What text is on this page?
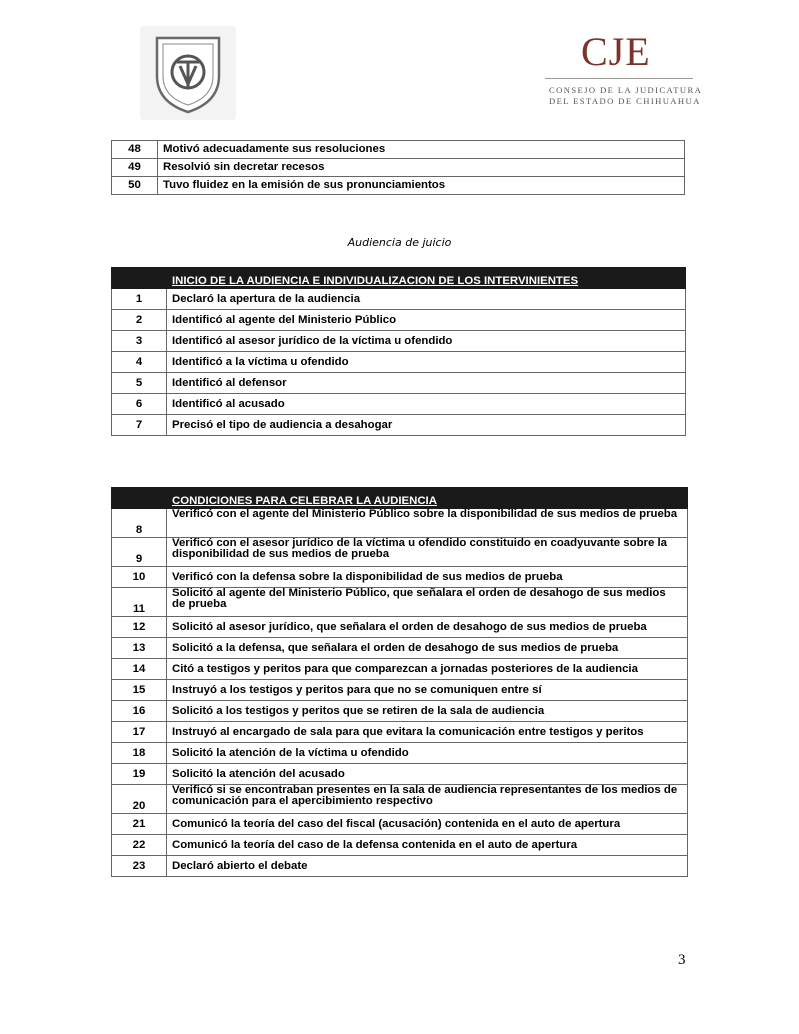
CJE
CONSEJO DE LA JUDICATURA
DEL ESTADO DE CHIHUAHUA
48	Motivó adecuadamente sus resoluciones
49	Resolvió sin decretar recesos
50	Tuvo fluidez en la emisión de sus pronunciamientos
Audiencia de juicio
	INICIO DE LA AUDIENCIA E INDIVIDUALIZACION DE LOS INTERVINIENTES
1	Declaró la apertura de la audiencia
2	Identificó al agente del Ministerio Público
3	Identificó al asesor jurídico de la víctima u ofendido
4	Identificó a la víctima u ofendido
5	Identificó al defensor
6	Identificó al acusado
7	Precisó el tipo de audiencia a desahogar
	CONDICIONES PARA CELEBRAR LA AUDIENCIA
8	Verificó con el agente del Ministerio Público sobre la disponibilidad de sus medios de prueba
9	Verificó con el asesor jurídico de la víctima u ofendido constituido en coadyuvante sobre la disponibilidad de sus medios de prueba
10	Verificó con la defensa sobre la disponibilidad de sus medios de prueba
11	Solicitó al agente del Ministerio Público, que señalara el orden de desahogo de sus medios de prueba
12	Solicitó al asesor jurídico, que señalara el orden de desahogo de sus medios de prueba
13	Solicitó a la defensa, que señalara el orden de desahogo de sus medios de prueba
14	Citó a testigos y peritos para que comparezcan a jornadas posteriores de la audiencia
15	Instruyó a los testigos y peritos para que no se comuniquen entre sí
16	Solicitó a los testigos y peritos que se retiren de la sala de audiencia
17	Instruyó al encargado de sala para que evitara la comunicación entre testigos y peritos
18	Solicitó la atención de la víctima u ofendido
19	Solicitó la atención del acusado
20	Verificó si se encontraban presentes en la sala de audiencia representantes de los medios de comunicación para el apercibimiento respectivo
21	Comunicó la teoría del caso del fiscal (acusación) contenida en el auto de apertura
22	Comunicó la teoría del caso de la defensa contenida en el auto de apertura
23	Declaró abierto el debate
3
